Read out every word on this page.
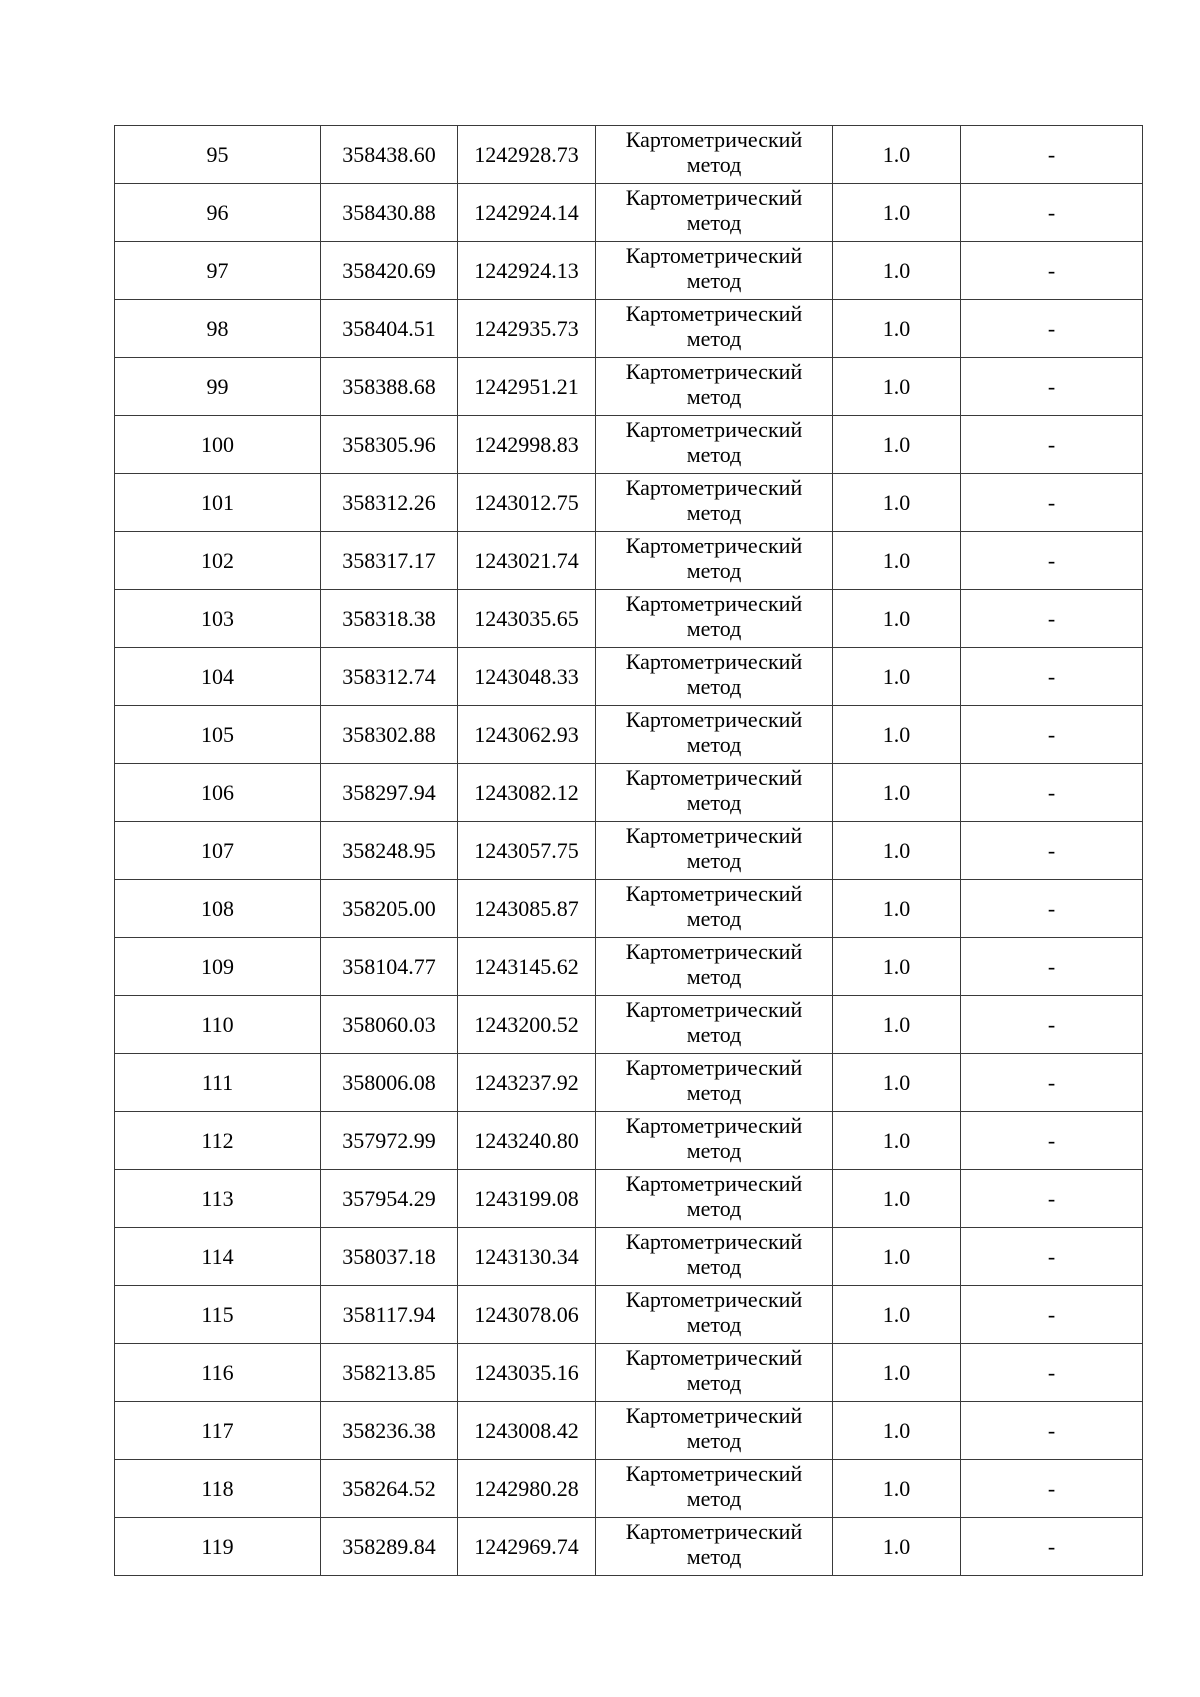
95	358438.60	1242928.73	Картометрический метод	1.0	-
96	358430.88	1242924.14	Картометрический метод	1.0	-
97	358420.69	1242924.13	Картометрический метод	1.0	-
98	358404.51	1242935.73	Картометрический метод	1.0	-
99	358388.68	1242951.21	Картометрический метод	1.0	-
100	358305.96	1242998.83	Картометрический метод	1.0	-
101	358312.26	1243012.75	Картометрический метод	1.0	-
102	358317.17	1243021.74	Картометрический метод	1.0	-
103	358318.38	1243035.65	Картометрический метод	1.0	-
104	358312.74	1243048.33	Картометрический метод	1.0	-
105	358302.88	1243062.93	Картометрический метод	1.0	-
106	358297.94	1243082.12	Картометрический метод	1.0	-
107	358248.95	1243057.75	Картометрический метод	1.0	-
108	358205.00	1243085.87	Картометрический метод	1.0	-
109	358104.77	1243145.62	Картометрический метод	1.0	-
110	358060.03	1243200.52	Картометрический метод	1.0	-
111	358006.08	1243237.92	Картометрический метод	1.0	-
112	357972.99	1243240.80	Картометрический метод	1.0	-
113	357954.29	1243199.08	Картометрический метод	1.0	-
114	358037.18	1243130.34	Картометрический метод	1.0	-
115	358117.94	1243078.06	Картометрический метод	1.0	-
116	358213.85	1243035.16	Картометрический метод	1.0	-
117	358236.38	1243008.42	Картометрический метод	1.0	-
118	358264.52	1242980.28	Картометрический метод	1.0	-
119	358289.84	1242969.74	Картометрический метод	1.0	-
